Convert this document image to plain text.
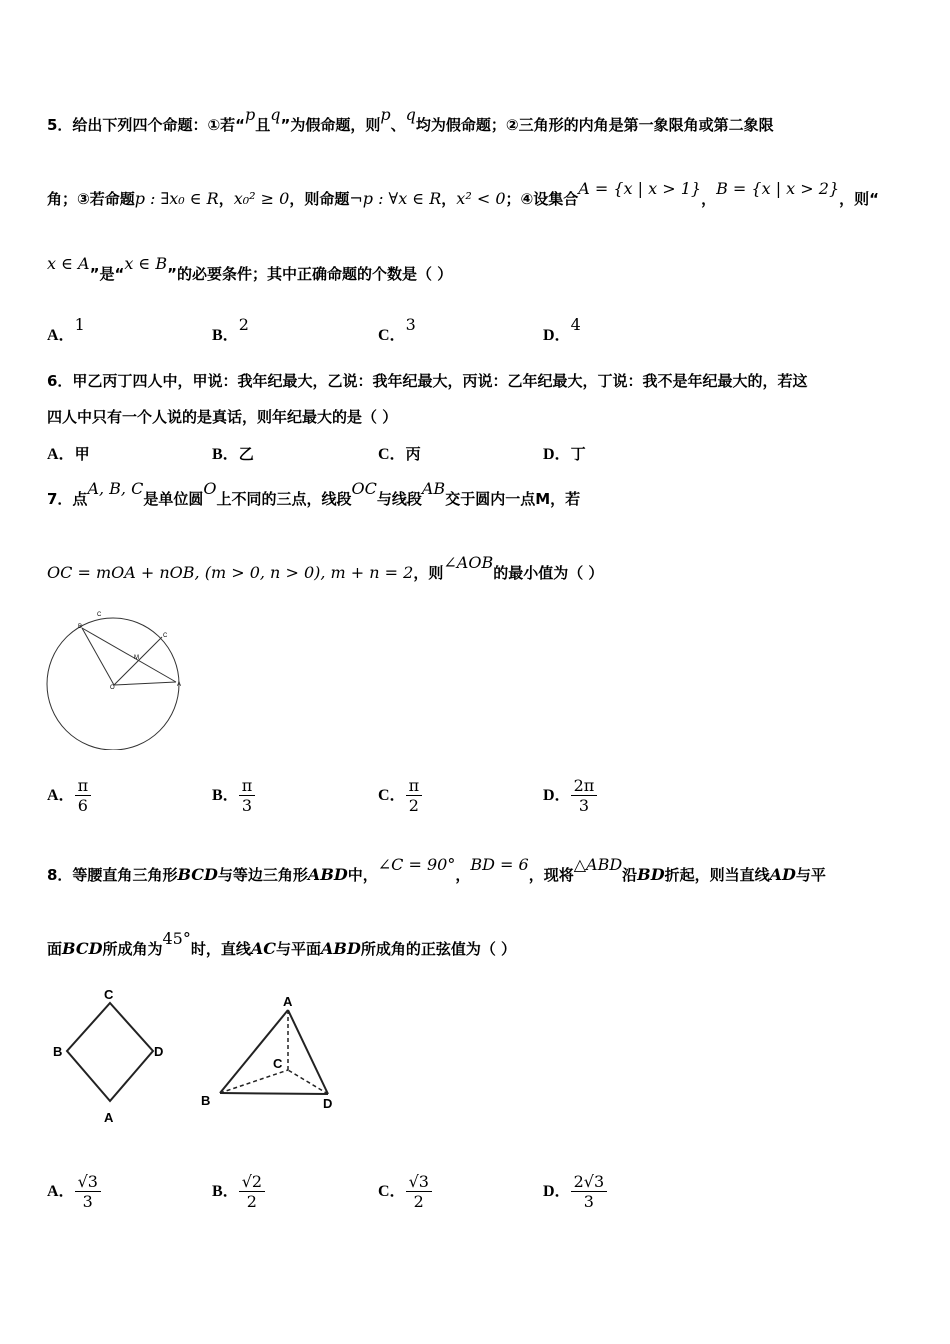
5．给出下列四个命题：①若“p且q”为假命题，则p、q均为假命题；②三角形的内角是第一象限角或第二象限
角；③若命题p : ∃x₀ ∈ R，x₀² ≥ 0，则命题¬p : ∀x ∈ R，x² < 0；④设集合A = {x | x > 1}，B = {x | x > 2}，则“
x ∈ A”是“x ∈ B”的必要条件；其中正确命题的个数是（ ）
A．1
B．2
C．3
D．4
6．甲乙丙丁四人中，甲说：我年纪最大，乙说：我年纪最大，丙说：乙年纪最大，丁说：我不是年纪最大的，若这
四人中只有一个人说的是真话，则年纪最大的是（ ）
A．甲	B．乙	C．丙	D．丁
7．点A, B, C是单位圆O上不同的三点，线段OC与线段AB交于圆内一点M，若
OC = mOA + nOB, (m > 0, n > 0), m + n = 2，则∠AOB的最小值为（ ）
B
C
M
O	A
C
A． $\frac{\pi}{6}$	B． $\frac{\pi}{3}$	C． $\frac{\pi}{2}$	D． $\frac{2\pi}{3}$
8．等腰直角三角形BCD与等边三角形ABD中，∠C = 90°，BD = 6，现将△ABD沿BD折起，则当直线AD与平
面BCD所成角为45°时，直线AC与平面ABD所成角的正弦值为（ ）
C
B	D
A
A
C
B	D
A． $\frac{√3}{3}$	B． $\frac{√2}{2}$	C． $\frac{√3}{2}$	D． $\frac{2√3}{3}$
